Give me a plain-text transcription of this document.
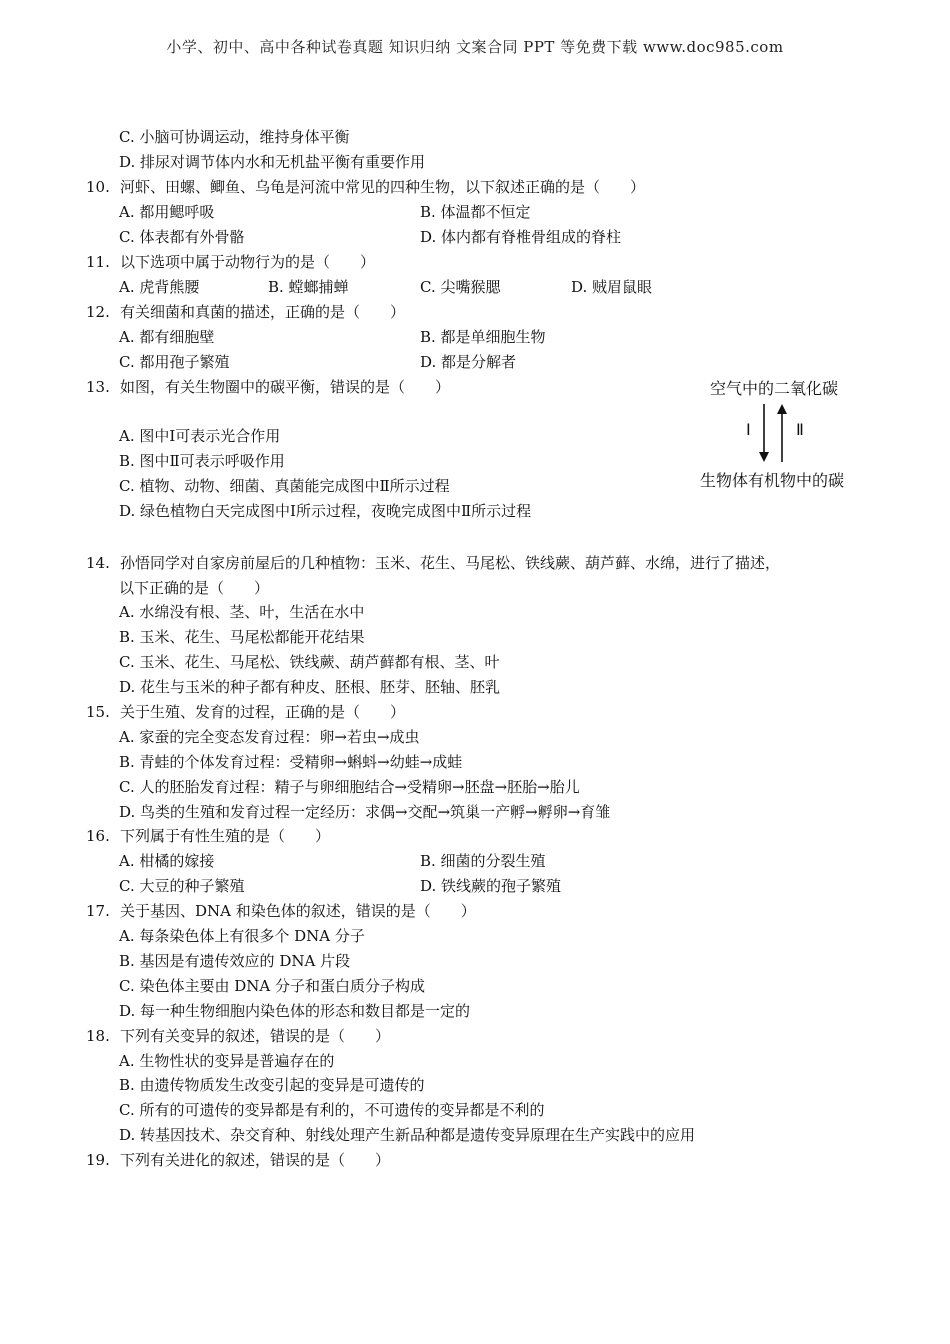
小学、初中、高中各种试卷真题 知识归纳 文案合同 PPT 等免费下载 www.doc985.com
C. 小脑可协调运动，维持身体平衡
D. 排尿对调节体内水和无机盐平衡有重要作用
10. 河虾、田螺、鲫鱼、乌龟是河流中常见的四种生物，以下叙述正确的是（　　）
A. 都用鳃呼吸	B. 体温都不恒定
C. 体表都有外骨骼	D. 体内都有脊椎骨组成的脊柱
11. 以下选项中属于动物行为的是（　　）
A. 虎背熊腰	B. 螳螂捕蝉	C. 尖嘴猴腮	D. 贼眉鼠眼
12. 有关细菌和真菌的描述，正确的是（　　）
A. 都有细胞壁	B. 都是单细胞生物
C. 都用孢子繁殖	D. 都是分解者
13. 如图，有关生物圈中的碳平衡，错误的是（　　）
A. 图中Ⅰ可表示光合作用
B. 图中Ⅱ可表示呼吸作用
C. 植物、动物、细菌、真菌能完成图中Ⅱ所示过程
D. 绿色植物白天完成图中Ⅰ所示过程，夜晚完成图中Ⅱ所示过程
空气中的二氧化碳
Ⅰ	Ⅱ
生物体有机物中的碳
14. 孙悟同学对自家房前屋后的几种植物：玉米、花生、马尾松、铁线蕨、葫芦藓、水绵，进行了描述，
以下正确的是（　　）
A. 水绵没有根、茎、叶，生活在水中
B. 玉米、花生、马尾松都能开花结果
C. 玉米、花生、马尾松、铁线蕨、葫芦藓都有根、茎、叶
D. 花生与玉米的种子都有种皮、胚根、胚芽、胚轴、胚乳
15. 关于生殖、发育的过程，正确的是（　　）
A. 家蚕的完全变态发育过程：卵→若虫→成虫
B. 青蛙的个体发育过程：受精卵→蝌蚪→幼蛙→成蛙
C. 人的胚胎发育过程：精子与卵细胞结合→受精卵→胚盘→胚胎→胎儿
D. 鸟类的生殖和发育过程一定经历：求偶→交配→筑巢一产孵→孵卵→育雏
16. 下列属于有性生殖的是（　　）
A. 柑橘的嫁接	B. 细菌的分裂生殖
C. 大豆的种子繁殖	D. 铁线蕨的孢子繁殖
17. 关于基因、DNA 和染色体的叙述，错误的是（　　）
A. 每条染色体上有很多个 DNA 分子
B. 基因是有遗传效应的 DNA 片段
C. 染色体主要由 DNA 分子和蛋白质分子构成
D. 每一种生物细胞内染色体的形态和数目都是一定的
18. 下列有关变异的叙述，错误的是（　　）
A. 生物性状的变异是普遍存在的
B. 由遗传物质发生改变引起的变异是可遗传的
C. 所有的可遗传的变异都是有利的，不可遗传的变异都是不利的
D. 转基因技术、杂交育种、射线处理产生新品种都是遗传变异原理在生产实践中的应用
19. 下列有关进化的叙述，错误的是（　　）
